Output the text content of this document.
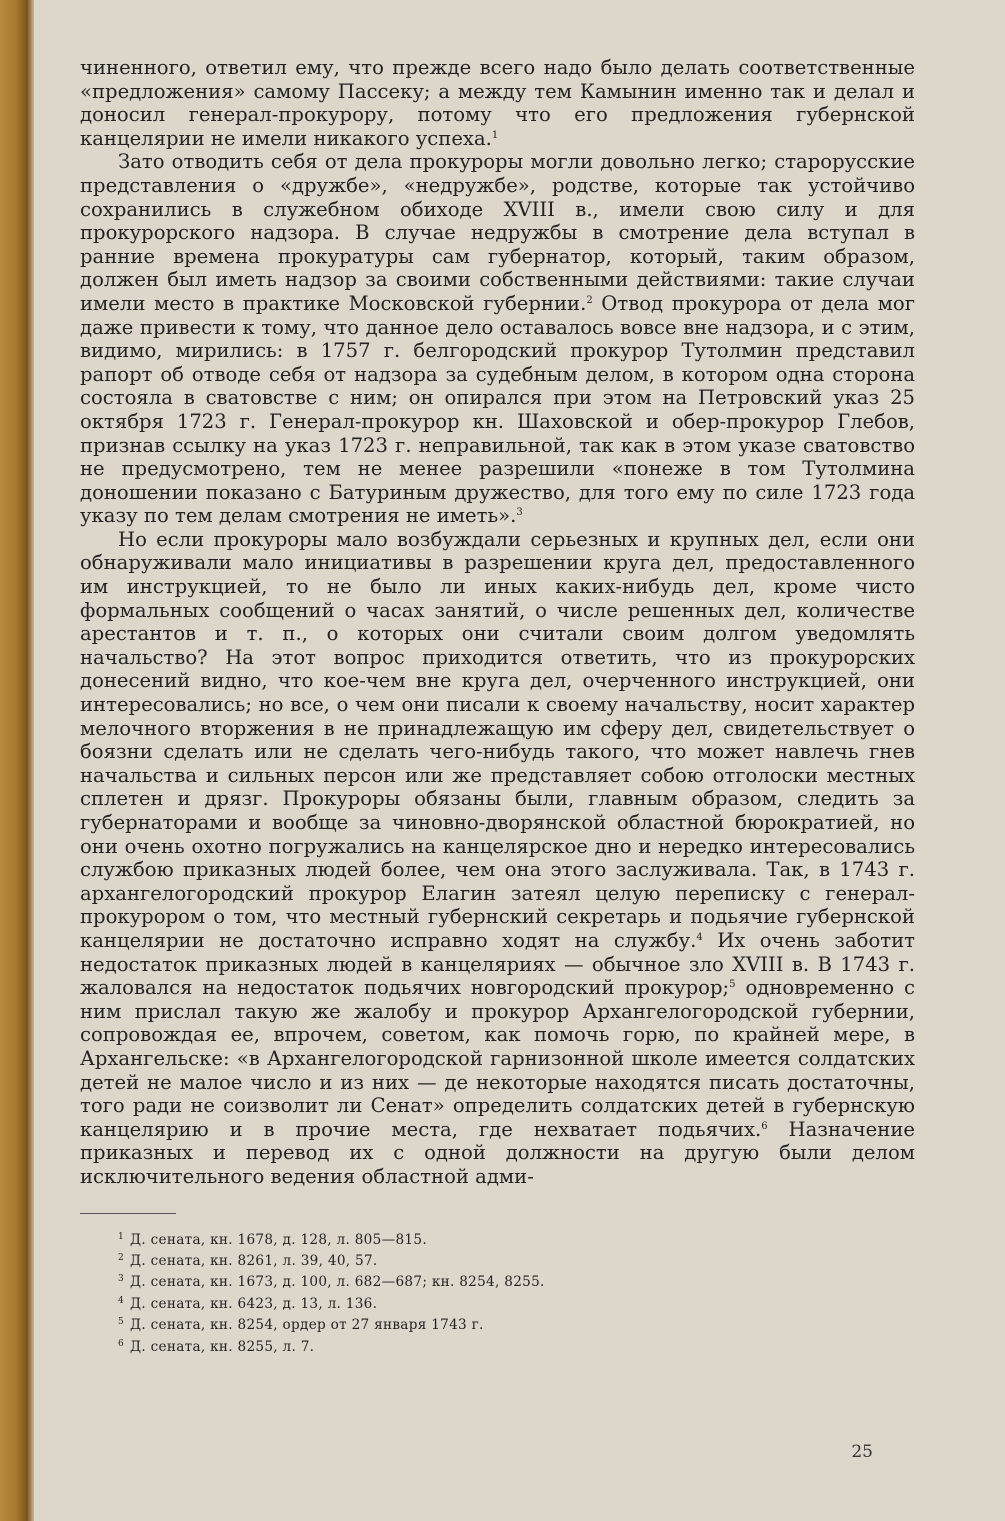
чиненного, ответил ему, что прежде всего надо было делать соответственные «предложения» самому Пассеку; а между тем Камынин именно так и делал и доносил генерал-прокурору, потому что его предложения губернской канцелярии не имели никакого успеха.$^1$

Зато отводить себя от дела прокуроры могли довольно легко; старорусские представления о «дружбе», «недружбе», родстве, которые так устойчиво сохранились в служебном обиходе XVIII в., имели свою силу и для прокурорского надзора. В случае недружбы в смотрение дела вступал в ранние времена прокуратуры сам губернатор, который, таким образом, должен был иметь надзор за своими собственными действиями: такие случаи имели место в практике Московской губернии.$^2$ Отвод прокурора от дела мог даже привести к тому, что данное дело оставалось вовсе вне надзора, и с этим, видимо, мирились: в 1757 г. белгородский прокурор Тутолмин представил рапорт об отводе себя от надзора за судебным делом, в котором одна сторона состояла в сватовстве с ним; он опирался при этом на Петровский указ 25 октября 1723 г. Генерал-прокурор кн. Шаховской и обер-прокурор Глебов, признав ссылку на указ 1723 г. неправильной, так как в этом указе сватовство не предусмотрено, тем не менее разрешили «понеже в том Тутолмина доношении показано с Батуриным дружество, для того ему по силе 1723 года указу по тем делам смотрения не иметь».$^3$

Но если прокуроры мало возбуждали серьезных и крупных дел, если они обнаруживали мало инициативы в разрешении круга дел, предоставленного им инструкцией, то не было ли иных каких-нибудь дел, кроме чисто формальных сообщений о часах занятий, о числе решенных дел, количестве арестантов и т. п., о которых они считали своим долгом уведомлять начальство? На этот вопрос приходится ответить, что из прокурорских донесений видно, что кое-чем вне круга дел, очерченного инструкцией, они интересовались; но все, о чем они писали к своему начальству, носит характер мелочного вторжения в не принадлежащую им сферу дел, свидетельствует о боязни сделать или не сделать чего-нибудь такого, что может навлечь гнев начальства и сильных персон или же представляет собою отголоски местных сплетен и дрязг. Прокуроры обязаны были, главным образом, следить за губернаторами и вообще за чиновно-дворянской областной бюрократией, но они очень охотно погружались на канцелярское дно и нередко интересовались службою приказных людей более, чем она этого заслуживала. Так, в 1743 г. архангелогородский прокурор Елагин затеял целую переписку с генерал-прокурором о том, что местный губернский секретарь и подьячие губернской канцелярии не достаточно исправно ходят на службу.$^4$ Их очень заботит недостаток приказных людей в канцеляриях — обычное зло XVIII в. В 1743 г. жаловался на недостаток подьячих новгородский прокурор;$^5$ одновременно с ним прислал такую же жалобу и прокурор Архангелогородской губернии, сопровождая ее, впрочем, советом, как помочь горю, по крайней мере, в Архангельске: «в Архангелогородской гарнизонной школе имеется солдатских детей не малое число и из них — де некоторые находятся писать достаточны, того ради не соизволит ли Сенат» определить солдатских детей в губернскую канцелярию и в прочие места, где нехватает подьячих.$^6$ Назначение приказных и перевод их с одной должности на другую были делом исключительного ведения областной адми-

$^1$ Д. сената, кн. 1678, д. 128, л. 805—815.
$^2$ Д. сената, кн. 8261, л. 39, 40, 57.
$^3$ Д. сената, кн. 1673, д. 100, л. 682—687; кн. 8254, 8255.
$^4$ Д. сената, кн. 6423, д. 13, л. 136.
$^5$ Д. сената, кн. 8254, ордер от 27 января 1743 г.
$^6$ Д. сената, кн. 8255, л. 7.
25
